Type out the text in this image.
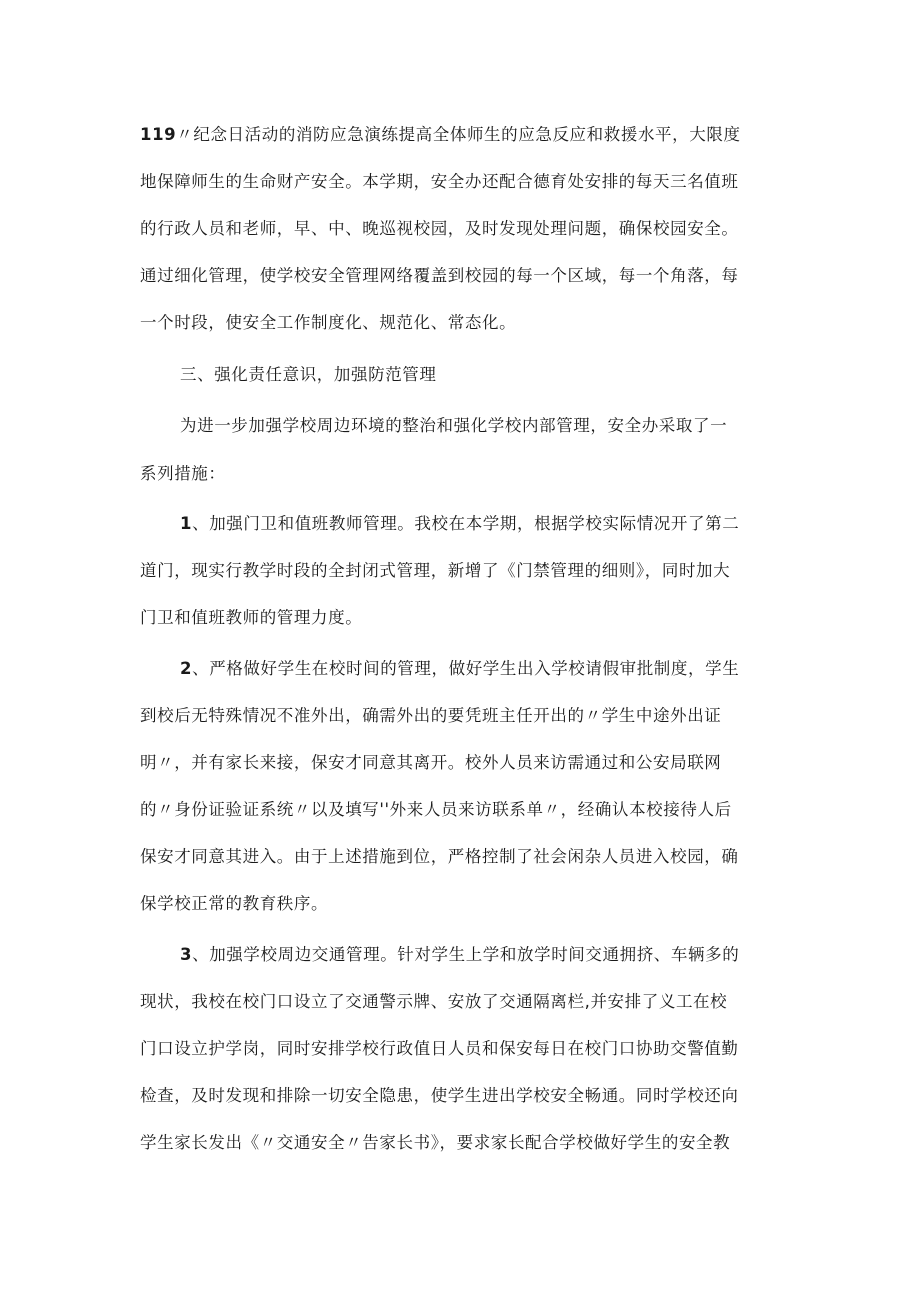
119〃纪念日活动的消防应急演练提高全体师生的应急反应和救援水平，大限度
地保障师生的生命财产安全。本学期，安全办还配合德育处安排的每天三名值班
的行政人员和老师，早、中、晚巡视校园，及时发现处理问题，确保校园安全。
通过细化管理，使学校安全管理网络覆盖到校园的每一个区域，每一个角落，每
一个时段，使安全工作制度化、规范化、常态化。
三、强化责任意识，加强防范管理
为进一步加强学校周边环境的整治和强化学校内部管理，安全办采取了一
系列措施：
1、加强门卫和值班教师管理。我校在本学期，根据学校实际情况开了第二
道门，现实行教学时段的全封闭式管理，新增了《门禁管理的细则》，同时加大
门卫和值班教师的管理力度。
2、严格做好学生在校时间的管理，做好学生出入学校请假审批制度，学生
到校后无特殊情况不准外出，确需外出的要凭班主任开出的〃学生中途外出证
明〃，并有家长来接，保安才同意其离开。校外人员来访需通过和公安局联网
的〃身份证验证系统〃以及填写''外来人员来访联系单〃，经确认本校接待人后
保安才同意其进入。由于上述措施到位，严格控制了社会闲杂人员进入校园，确
保学校正常的教育秩序。
3、加强学校周边交通管理。针对学生上学和放学时间交通拥挤、车辆多的
现状，我校在校门口设立了交通警示牌、安放了交通隔离栏,并安排了义工在校
门口设立护学岗，同时安排学校行政值日人员和保安每日在校门口协助交警值勤
检查，及时发现和排除一切安全隐患，使学生进出学校安全畅通。同时学校还向
学生家长发出《〃交通安全〃告家长书》，要求家长配合学校做好学生的安全教
